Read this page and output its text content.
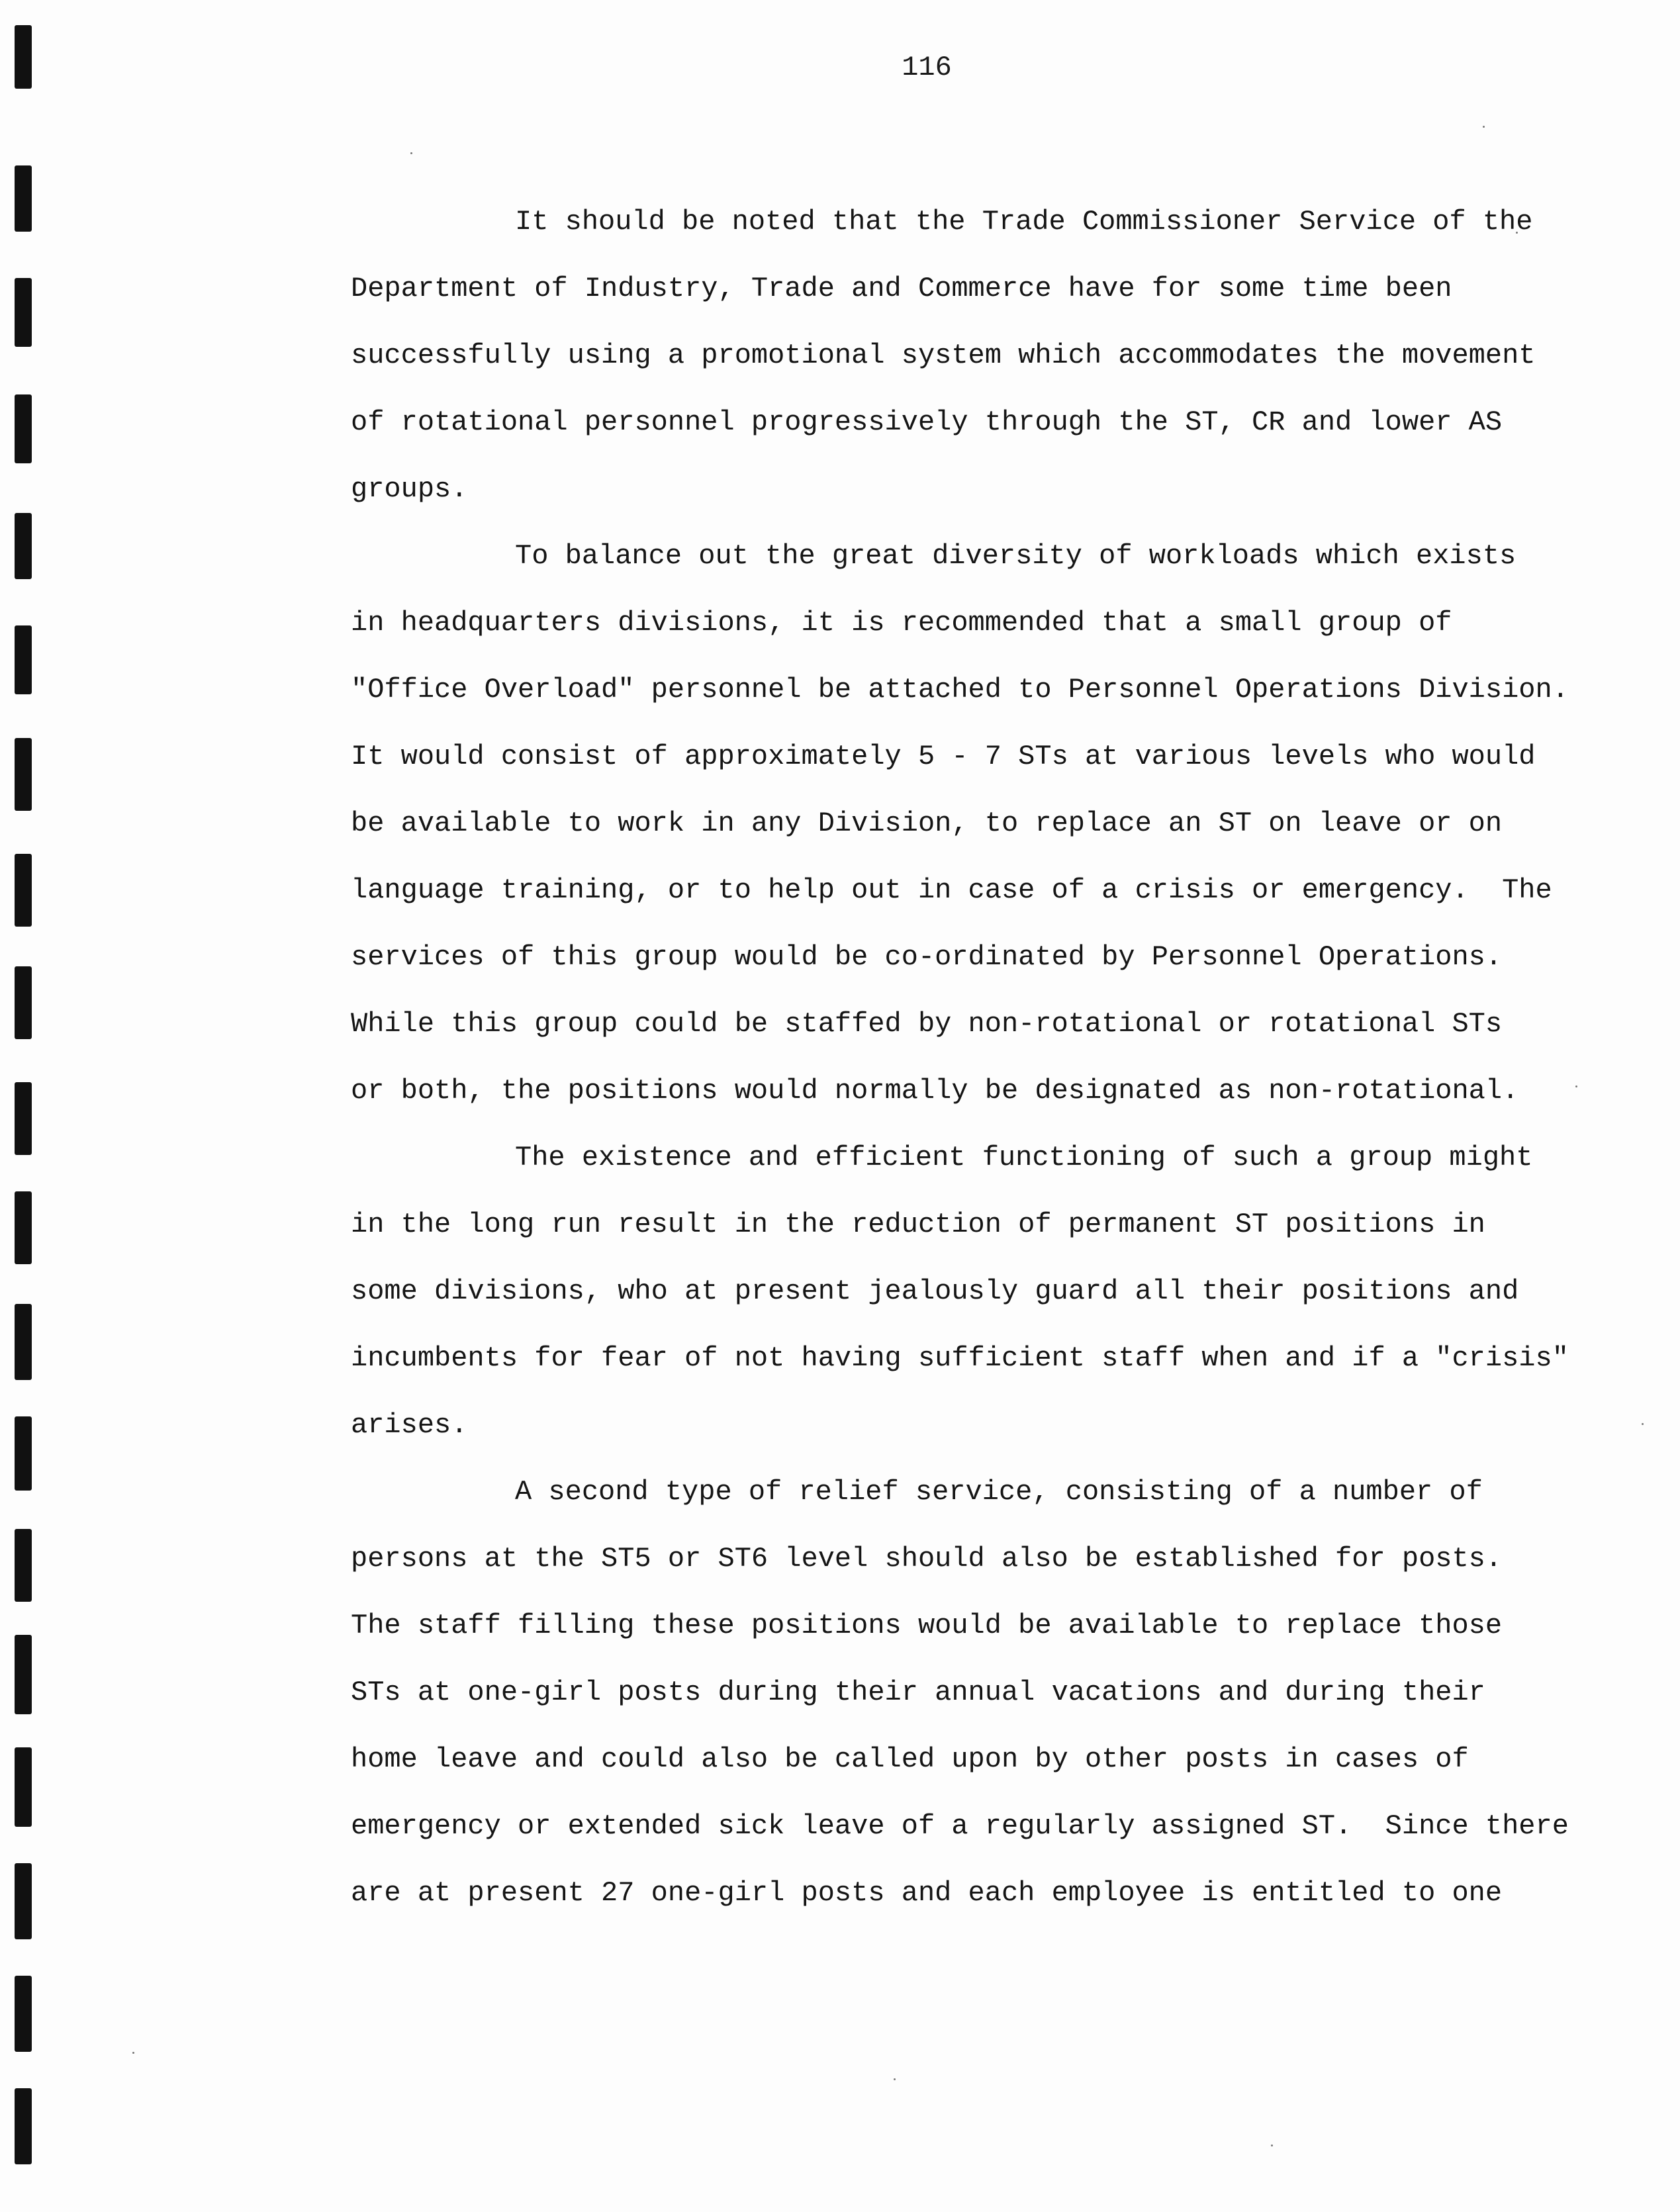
116
It should be noted that the Trade Commissioner Service of the
Department of Industry, Trade and Commerce have for some time been
successfully using a promotional system which accommodates the movement
of rotational personnel progressively through the ST, CR and lower AS
groups.
To balance out the great diversity of workloads which exists
in headquarters divisions, it is recommended that a small group of
"Office Overload" personnel be attached to Personnel Operations Division.
It would consist of approximately 5 - 7 STs at various levels who would
be available to work in any Division, to replace an ST on leave or on
language training, or to help out in case of a crisis or emergency.  The
services of this group would be co-ordinated by Personnel Operations.
While this group could be staffed by non-rotational or rotational STs
or both, the positions would normally be designated as non-rotational.
The existence and efficient functioning of such a group might
in the long run result in the reduction of permanent ST positions in
some divisions, who at present jealously guard all their positions and
incumbents for fear of not having sufficient staff when and if a "crisis"
arises.
A second type of relief service, consisting of a number of
persons at the ST5 or ST6 level should also be established for posts.
The staff filling these positions would be available to replace those
STs at one-girl posts during their annual vacations and during their
home leave and could also be called upon by other posts in cases of
emergency or extended sick leave of a regularly assigned ST.  Since there
are at present 27 one-girl posts and each employee is entitled to one
